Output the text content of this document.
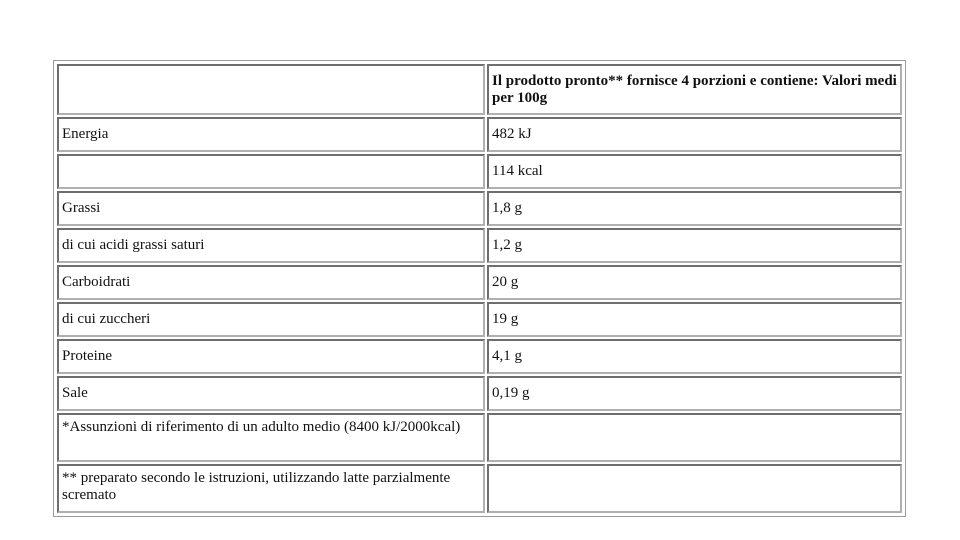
	Il prodotto pronto** fornisce 4 porzioni e contiene: Valori medi per 100g
Energia	482 kJ
	114 kcal
Grassi	1,8 g
di cui acidi grassi saturi	1,2 g
Carboidrati	20 g
di cui zuccheri	19 g
Proteine	4,1 g
Sale	0,19 g
*Assunzioni di riferimento di un adulto medio (8400 kJ/2000kcal)	
** preparato secondo le istruzioni, utilizzando latte parzialmente scremato	
